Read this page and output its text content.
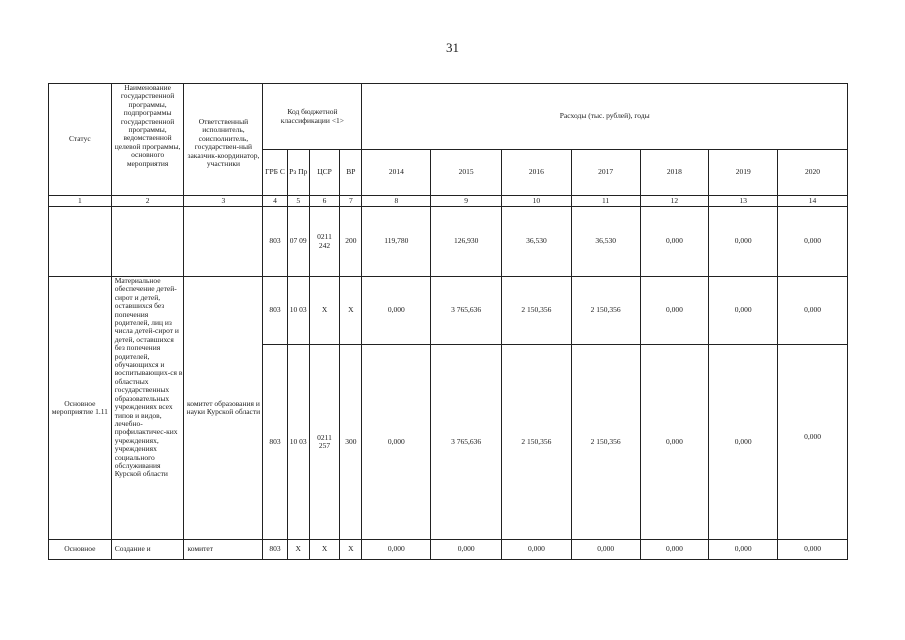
31
Статус	Наименование государственной программы, подпрограммы государственной программы, ведомственной целевой программы, основного мероприятия	Ответственный исполнитель, соисполнитель, государствен-ный заказчик-координатор, участники	Код бюджетной классификации <1>				Расходы (тыс. рублей), годы						
			ГРБ С	Рз Пр	ЦСР	ВР	2014	2015	2016	2017	2018	2019	2020
1	2	3	4	5	6	7	8	9	10	11	12	13	14
			803	07 09	0211 242	200	119,780	126,930	36,530	36,530	0,000	0,000	0,000
Основное мероприятие 1.11	Материальное обеспечение детей-сирот и детей, оставшихся без попечения родителей, лиц из числа детей-сирот и детей, оставшихся без попечения родителей, обучающихся и воспитывающих-ся в областных государственных образовательных учреждениях всех типов и видов, лечебно-профилактичес-ких учреждениях, учреждениях социального обслуживания Курской области	комитет образования и науки Курской области	803	10 03	Х	Х	0,000	3 765,636	2 150,356	2 150,356	0,000	0,000	0,000
			803	10 03	0211 257	300	0,000	3 765,636	2 150,356	2 150,356	0,000	0,000	0,000
Основное	Создание и	комитет	803	Х	Х	Х	0,000	0,000	0,000	0,000	0,000	0,000	0,000
